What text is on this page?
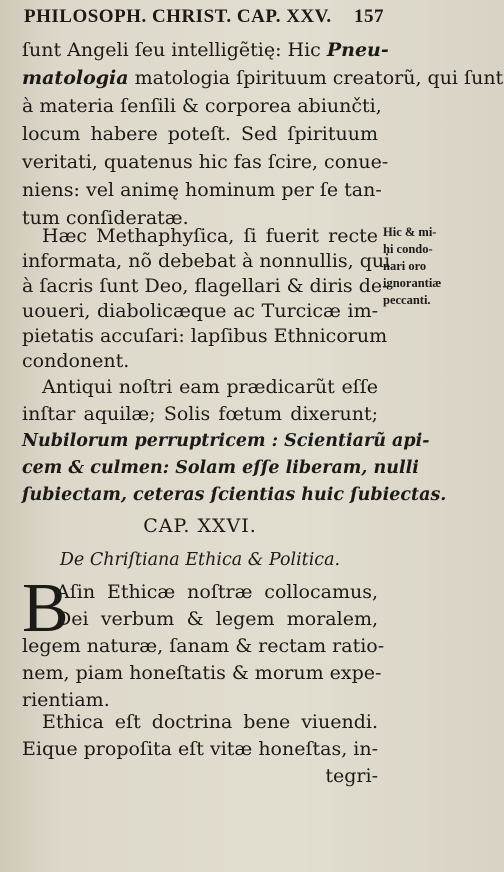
PHILOSOPH. CHRIST. CAP. XXV. 157
ſunt Angeli ſeu intelligẽtię: Hic Pneu-
matologia matologia ſpirituum creatorũ, qui ſunt
à materia ſenſili & corporea abiunčti,
locum habere poteſt. Sed ſpirituum
veritati, quatenus hic fas ſcire, conue-
niens: vel animę hominum per ſe tan-
tum conſideratæ.
Hæc Methaphyſica, ſi fuerit recte
informata, nõ debebat à nonnullis, qui
à ſacris ſunt Deo, flagellari & diris de-
uoueri, diabolicæque ac Turcicæ im-
pietatis accuſari: lapſibus Ethnicorum
condonent.
Hic & mi-
hi condo-
nari oro
ignorantiæ
peccanti.
Antiqui noſtri eam prædicarũt eſſe
inſtar aquilæ; Solis fœtum dixerunt;
Nubilorum perruptricem : Scientiarũ api-
cem & culmen: Solam eſſe liberam, nulli
ſubiectam, ceteras ſcientias huic ſubiectas.
CAP. XXVI.
De Chriſtiana Ethica & Politica.
B
Aſin Ethicæ noſtræ collocamus,
Dei verbum & legem moralem,
legem naturæ, ſanam & rectam ratio-
nem, piam honeſtatis & morum expe-
rientiam.
Ethica eſt doctrina bene viuendi.
Eique propoſita eſt vitæ honeſtas, in-
tegri-
